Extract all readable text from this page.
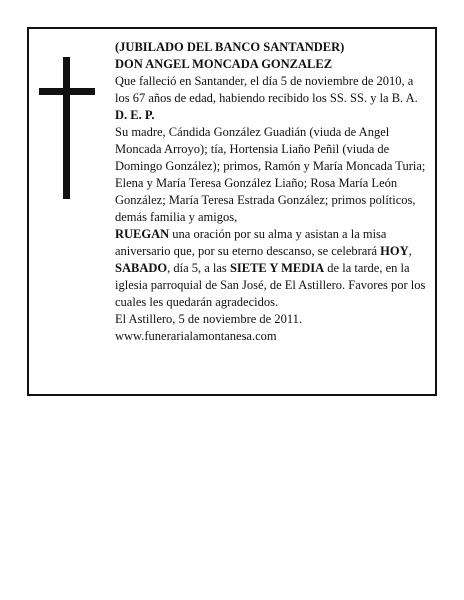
(JUBILADO DEL BANCO SANTANDER)
DON ANGEL MONCADA GONZALEZ
Que falleció en Santander, el día 5 de noviembre de 2010, a los 67 años de edad, habiendo recibido los SS. SS. y la B. A.
D. E. P.
Su madre, Cándida González Guadián (viuda de Angel Moncada Arroyo); tía, Hortensia Liaño Peñil (viuda de Domingo González); primos, Ramón y María Moncada Turia; Elena y María Teresa González Liaño; Rosa María León González; María Teresa Estrada González; primos políticos, demás familia y amigos,
RUEGAN una oración por su alma y asistan a la misa aniversario que, por su eterno descanso, se celebrará HOY, SABADO, día 5, a las SIETE Y MEDIA de la tarde, en la iglesia parroquial de San José, de El Astillero. Favores por los cuales les quedarán agradecidos.
El Astillero, 5 de noviembre de 2011.
www.funerarialamontanesa.com
